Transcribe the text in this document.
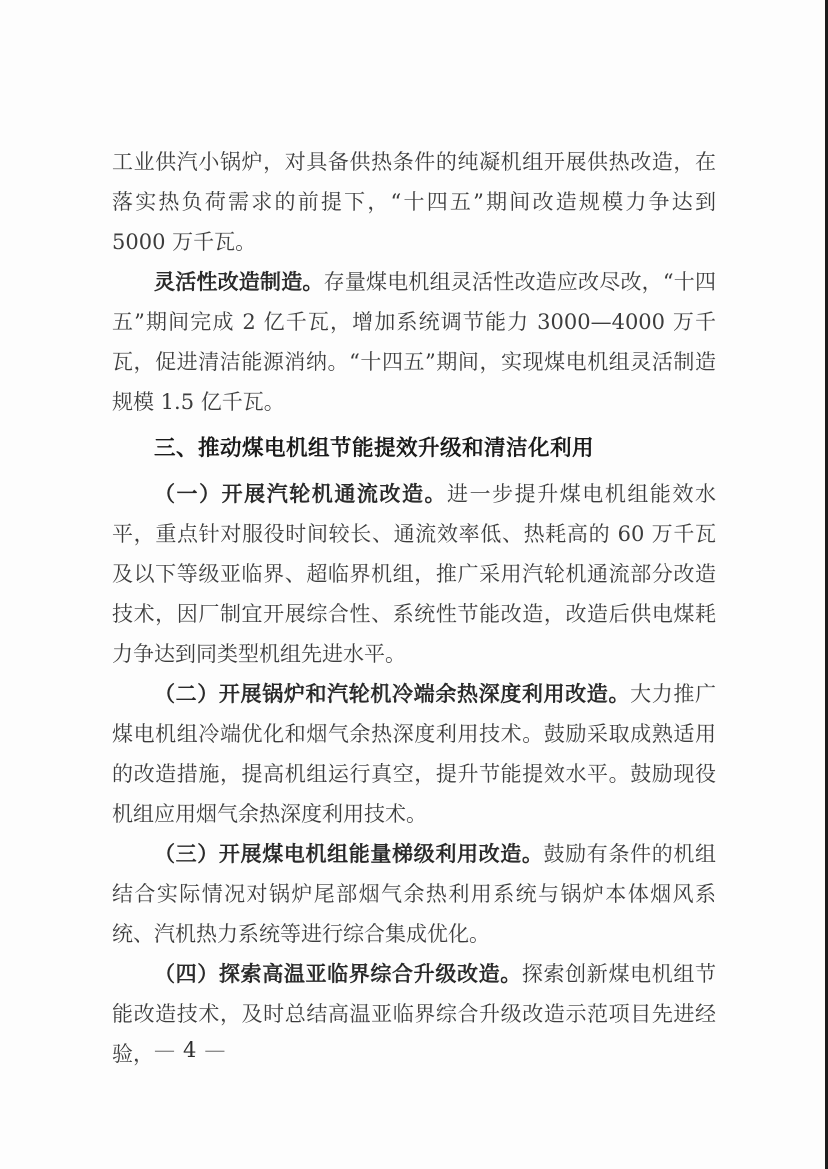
工业供汽小锅炉，对具备供热条件的纯凝机组开展供热改造，在落实热负荷需求的前提下，“十四五”期间改造规模力争达到 5000 万千瓦。

灵活性改造制造。存量煤电机组灵活性改造应改尽改，“十四五”期间完成 2 亿千瓦，增加系统调节能力 3000—4000 万千瓦，促进清洁能源消纳。“十四五”期间，实现煤电机组灵活制造规模 1.5 亿千瓦。

三、推动煤电机组节能提效升级和清洁化利用

（一）开展汽轮机通流改造。进一步提升煤电机组能效水平，重点针对服役时间较长、通流效率低、热耗高的 60 万千瓦及以下等级亚临界、超临界机组，推广采用汽轮机通流部分改造技术，因厂制宜开展综合性、系统性节能改造，改造后供电煤耗力争达到同类型机组先进水平。

（二）开展锅炉和汽轮机冷端余热深度利用改造。大力推广煤电机组冷端优化和烟气余热深度利用技术。鼓励采取成熟适用的改造措施，提高机组运行真空，提升节能提效水平。鼓励现役机组应用烟气余热深度利用技术。

（三）开展煤电机组能量梯级利用改造。鼓励有条件的机组结合实际情况对锅炉尾部烟气余热利用系统与锅炉本体烟风系统、汽机热力系统等进行综合集成优化。

（四）探索高温亚临界综合升级改造。探索创新煤电机组节能改造技术，及时总结高温亚临界综合升级改造示范项目先进经验， — 4 —
